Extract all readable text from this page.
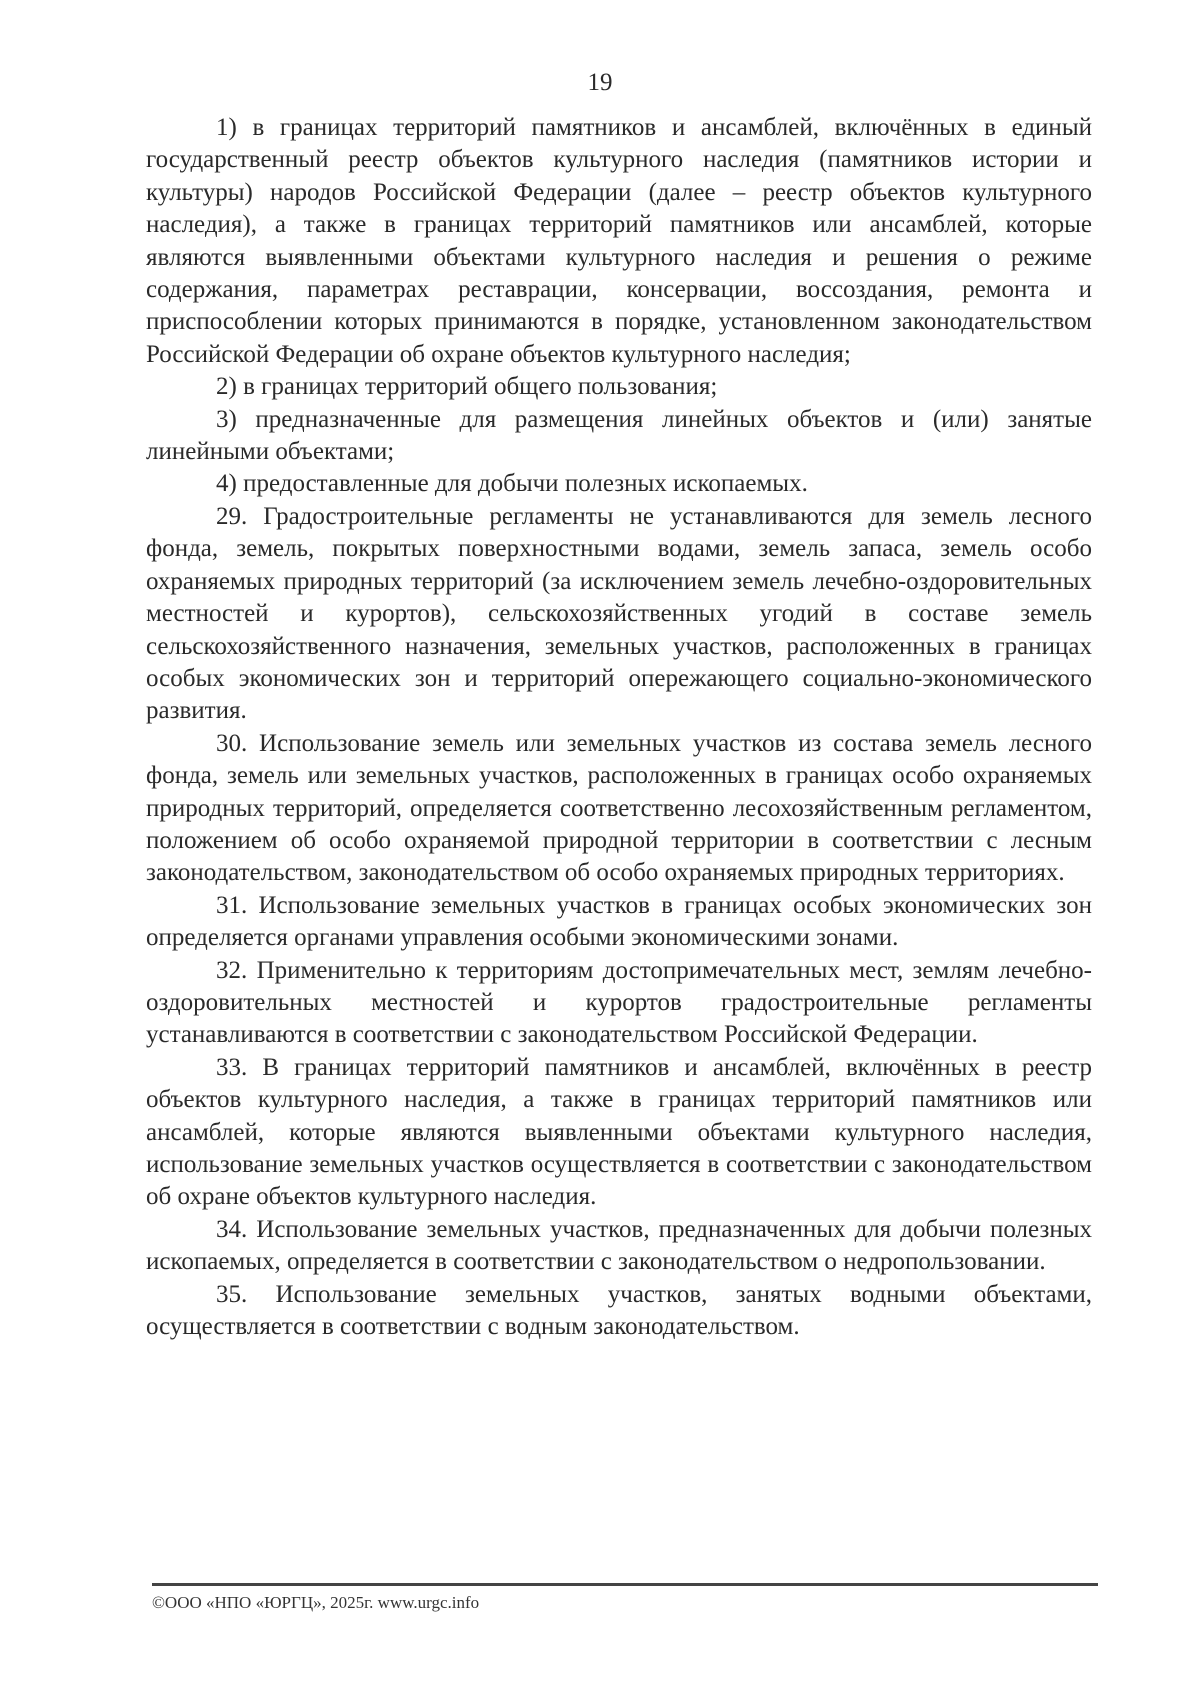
19

1) в границах территорий памятников и ансамблей, включённых в единый государственный реестр объектов культурного наследия (памятников истории и культуры) народов Российской Федерации (далее – реестр объектов культурного наследия), а также в границах территорий памятников или ансамблей, которые являются выявленными объектами культурного наследия и решения о режиме содержания, параметрах реставрации, консервации, воссоздания, ремонта и приспособлении которых принимаются в порядке, установленном законодательством Российской Федерации об охране объектов культурного наследия;

2) в границах территорий общего пользования;

3) предназначенные для размещения линейных объектов и (или) занятые линейными объектами;

4) предоставленные для добычи полезных ископаемых.

29. Градостроительные регламенты не устанавливаются для земель лесного фонда, земель, покрытых поверхностными водами, земель запаса, земель особо охраняемых природных территорий (за исключением земель лечебно-оздоровительных местностей и курортов), сельскохозяйственных угодий в составе земель сельскохозяйственного назначения, земельных участков, расположенных в границах особых экономических зон и территорий опережающего социально-экономического развития.

30. Использование земель или земельных участков из состава земель лесного фонда, земель или земельных участков, расположенных в границах особо охраняемых природных территорий, определяется соответственно лесохозяйственным регламентом, положением об особо охраняемой природной территории в соответствии с лесным законодательством, законодательством об особо охраняемых природных территориях.

31. Использование земельных участков в границах особых экономических зон определяется органами управления особыми экономическими зонами.

32. Применительно к территориям достопримечательных мест, землям лечебно-оздоровительных местностей и курортов градостроительные регламенты устанавливаются в соответствии с законодательством Российской Федерации.

33. В границах территорий памятников и ансамблей, включённых в реестр объектов культурного наследия, а также в границах территорий памятников или ансамблей, которые являются выявленными объектами культурного наследия, использование земельных участков осуществляется в соответствии с законодательством об охране объектов культурного наследия.

34. Использование земельных участков, предназначенных для добычи полезных ископаемых, определяется в соответствии с законодательством о недропользовании.

35. Использование земельных участков, занятых водными объектами, осуществляется в соответствии с водным законодательством.

©ООО «НПО «ЮРГЦ», 2025г. www.urgc.info
